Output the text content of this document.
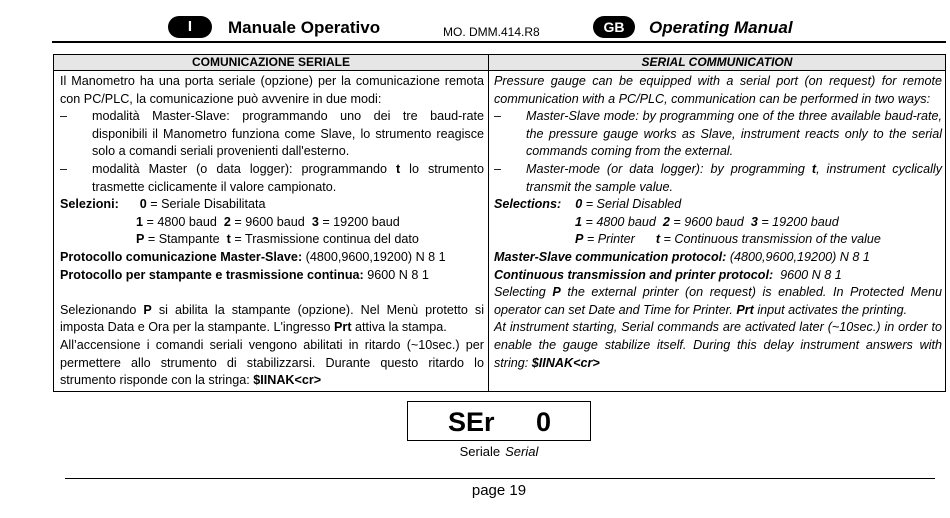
I	Manuale Operativo	MO. DMM.414.R8	GB	Operating Manual
COMUNICAZIONE SERIALE

Il Manometro ha una porta seriale (opzione) per la comunicazione remota con PC/PLC, la comunicazione può avvenire in due modi:

– modalità Master-Slave: programmando uno dei tre baud-rate disponibili il Manometro funziona come Slave, lo strumento reagisce solo a comandi seriali provenienti dall'esterno.

– modalità Master (o data logger): programmando t lo strumento trasmette ciclicamente il valore campionato.

Selezioni: 0 = Seriale Disabilitata

1 = 4800 baud  2 = 9600 baud  3 = 19200 baud

P = Stampante  t = Trasmissione continua del dato

Protocollo comunicazione Master-Slave: (4800,9600,19200) N 8 1

Protocollo per stampante e trasmissione continua: 9600 N 8 1

Selezionando P si abilita la stampante (opzione). Nel Menù protetto si imposta Data e Ora per la stampante. L'ingresso Prt attiva la stampa.

All’accensione i comandi seriali vengono abilitati in ritardo (~10sec.) per permettere allo strumento di stabilizzarsi. Durante questo ritardo lo strumento risponde con la stringa: $IINAK<cr>

SERIAL COMMUNICATION

Pressure gauge can be equipped with a serial port (on request) for remote communication with a PC/PLC, communication can be performed in two ways:

– Master-Slave mode: by programming one of the three available baud-rate, the pressure gauge works as Slave, instrument reacts only to the serial commands coming from the external.

– Master-mode (or data logger): by programming t, instrument cyclically transmit the sample value.

Selections: 0 = Serial Disabled

1 = 4800 baud  2 = 9600 baud  3 = 19200 baud

P = Printer      t = Continuous transmission of the value

Master-Slave communication protocol: (4800,9600,19200) N 8 1

Continuous transmission and printer protocol:  9600 N 8 1

Selecting P the external printer (on request) is enabled. In Protected Menu operator can set Date and Time for Printer. Prt input activates the printing.

At instrument starting, Serial commands are activated later (~10sec.) in order to enable the gauge stabilize itself. During this delay instrument answers with string: $IINAK<cr>

SEr 0
Seriale Serial
page 19
